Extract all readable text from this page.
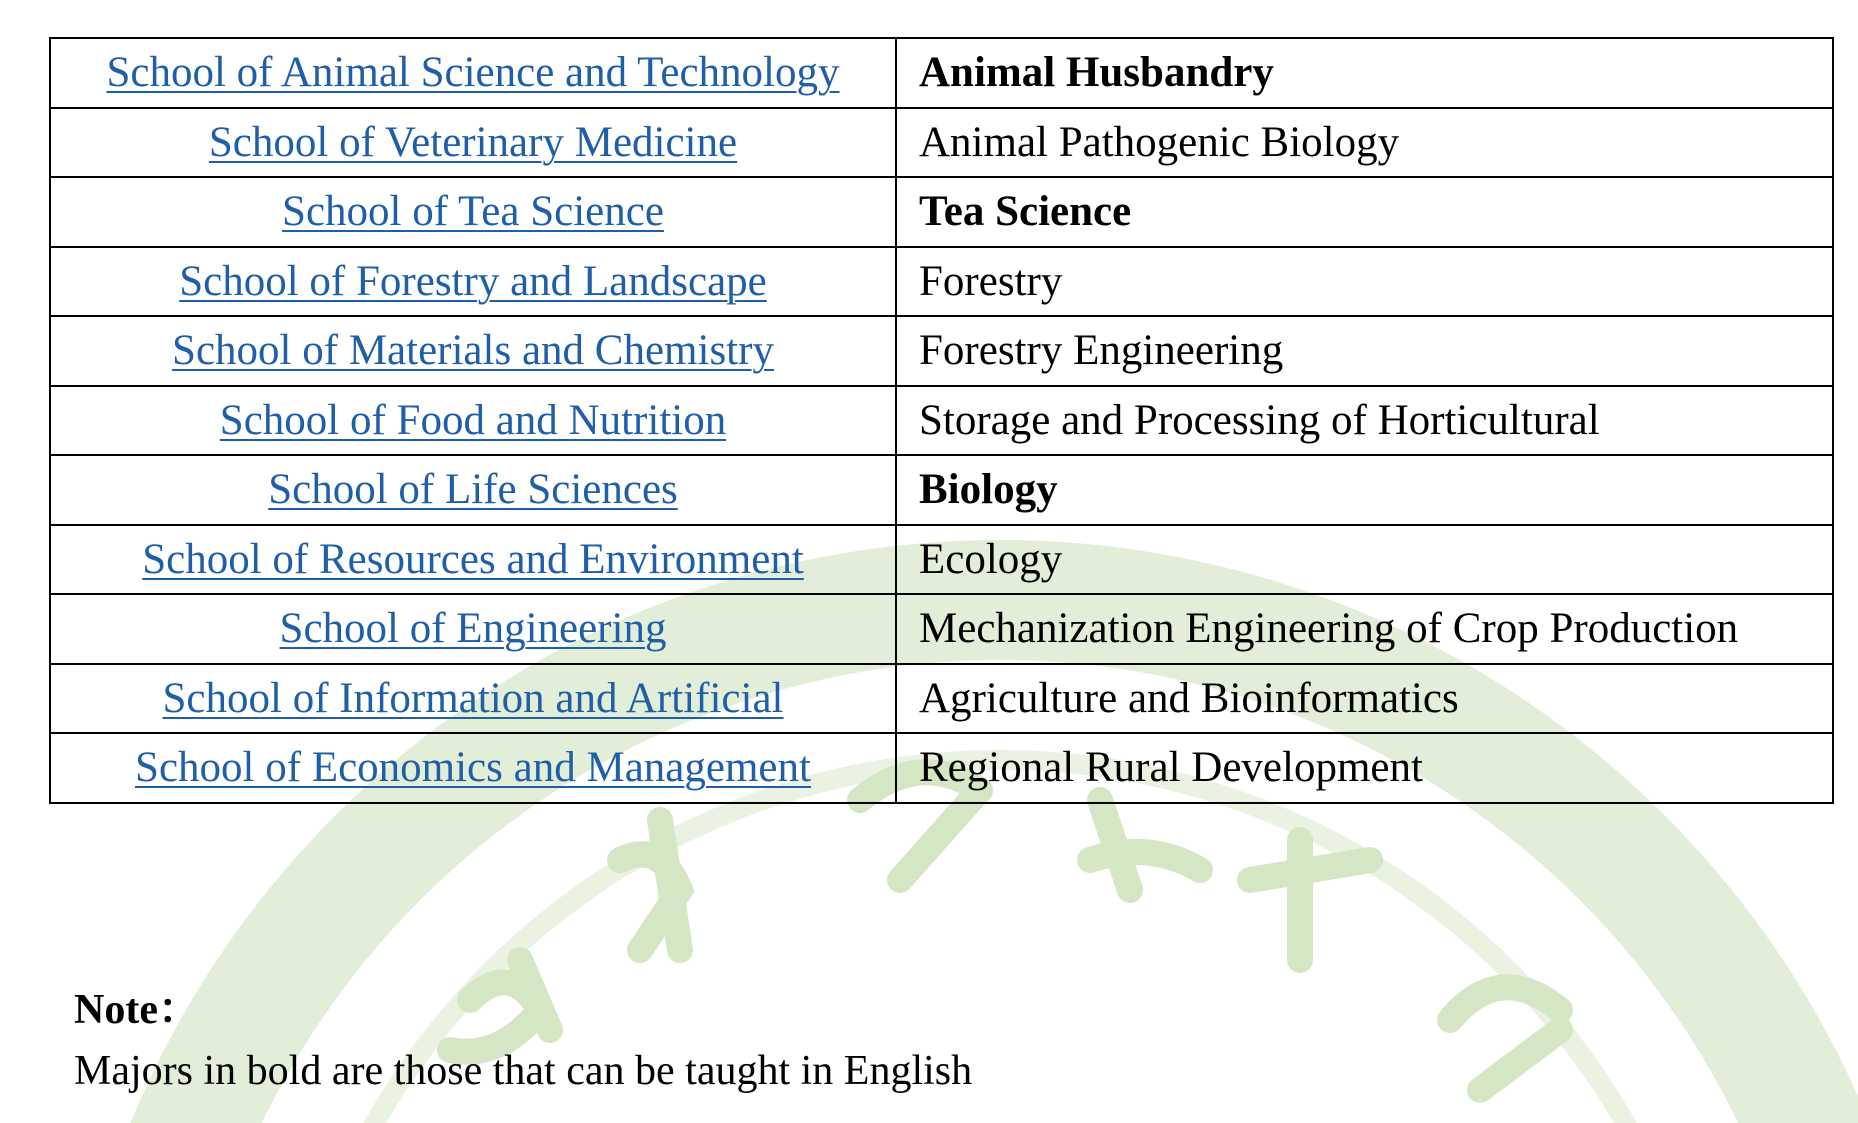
School of Animal Science and Technology	Animal Husbandry
School of Veterinary Medicine	Animal Pathogenic Biology
School of Tea Science	Tea Science
School of Forestry and Landscape	Forestry
School of Materials and Chemistry	Forestry Engineering
School of Food and Nutrition	Storage and Processing of Horticultural
School of Life Sciences	Biology
School of Resources and Environment	Ecology
School of Engineering	Mechanization Engineering of Crop Production
School of Information and Artificial	Agriculture and Bioinformatics
School of Economics and Management	Regional Rural Development
Note：
Majors in bold are those that can be taught in English
